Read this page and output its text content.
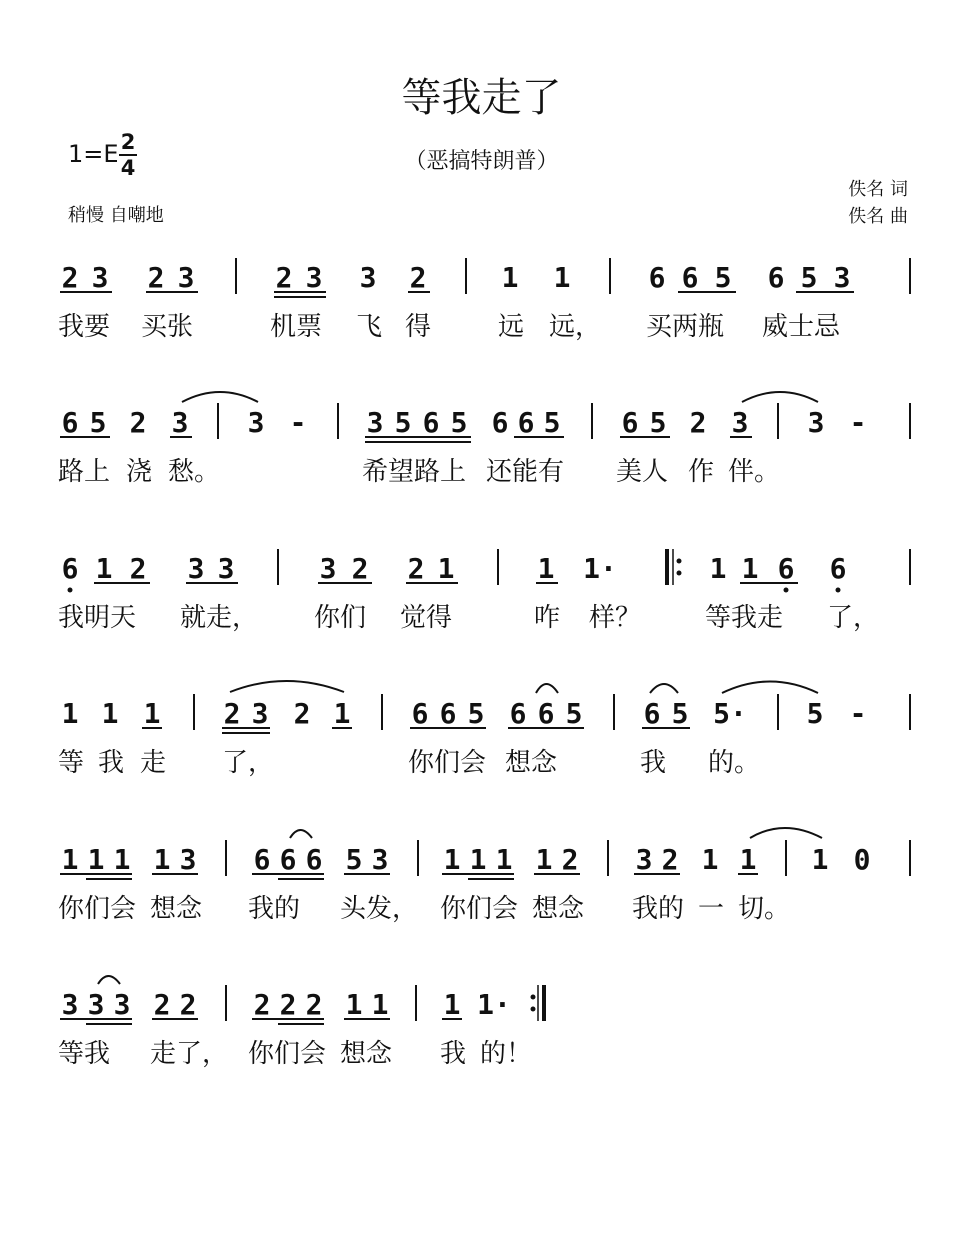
等我走了
（恶搞特朗普）
1=E 2
4
稍慢 自嘲地
佚名 词
佚名 曲
2 3 2 3	2 3 3 2	1 1	6 6 5 6 5 3
6 5 2 3 3 - 3 5 6 5 6 6 5 6 5 2 3 3 -
6 1 2 3 3	3 2 2 1	1 1·	1 1 6 6
1 1 1 2 3 2 1 6 6 5 6 6 5 6 5 5· 5 -
1 1 1 1 3 6 6 6 5 3 1 1 1 1 2 3 2 1 1 1 0
3 3 3 2 2 2 2 2 1 1 1 1·
我要 买张	机票 飞 得	远 远， 买两瓶 威士忌
路上 浇 愁。	希望路上 还能有 美人 作 伴。
我明天 就走， 你们 觉得	咋 样？ 等我走 了，
等 我 走 了，	你们会 想念	我 的。
你们会 想念 我的 头发， 你们会 想念 我的 一 切。
等我 走了， 你们会 想念 我 的！
